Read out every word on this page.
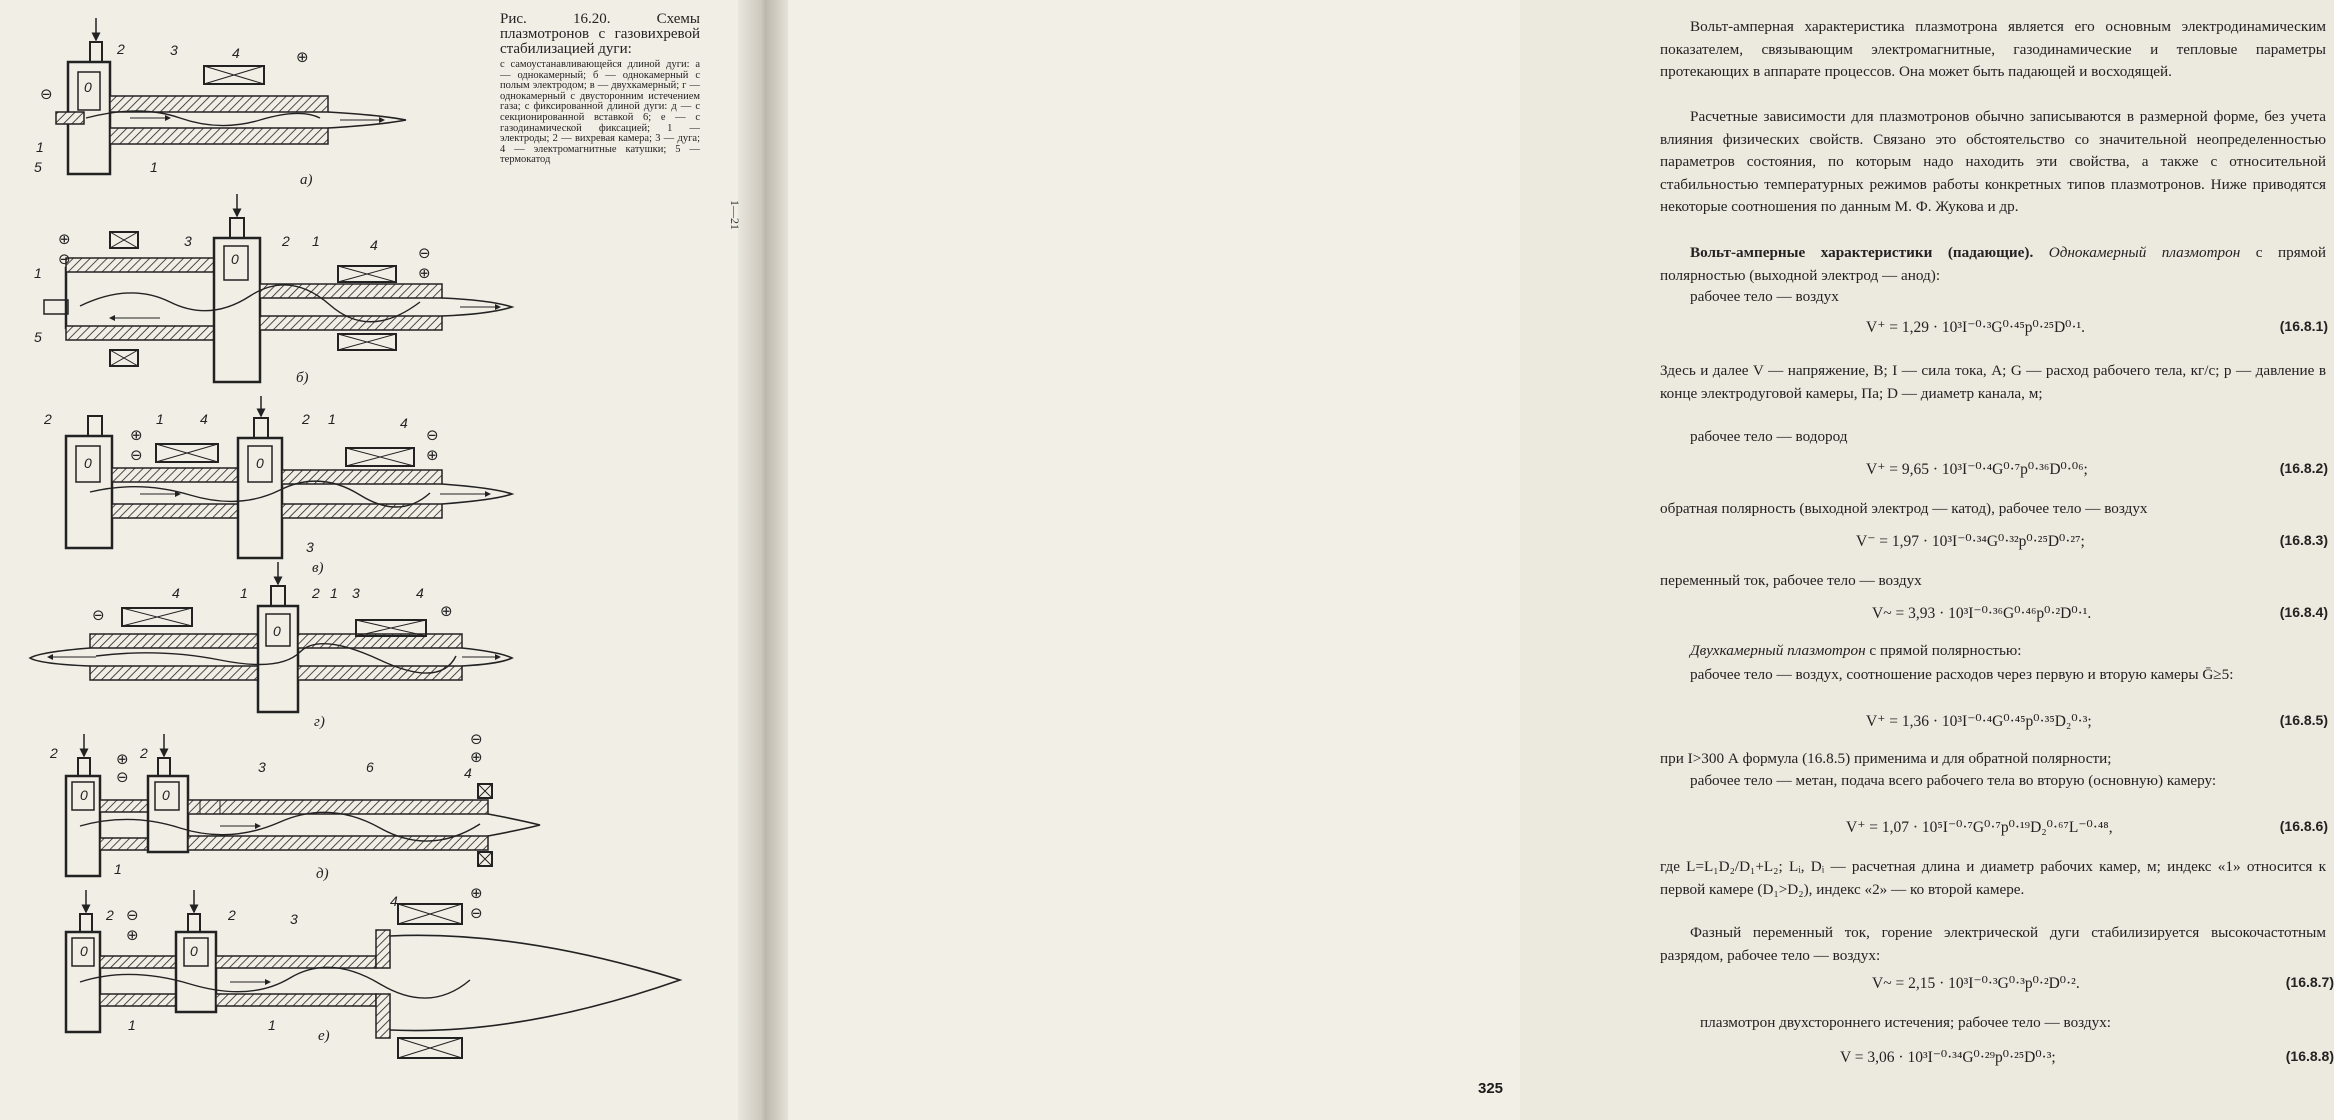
⊖
⊕
0
2	3	4
1
5	1
а)
⊕
⊖	⊖
⊕
0
1
5
3	2 1	4
б)
⊕
⊖
⊖
⊕
0	0
2	1	4	2 1	4
3
в)
⊖	⊕
0
4	1	2 1 3	4
г)
⊕
⊖
⊖
⊕
0	0
2	2
3	6	4
1	д)
⊖
⊕
⊕
⊖
0	0
2	2	3
4
1	1
е)
Рис. 16.20. Схемы плазмотронов с газовихревой стабилизацией дуги:
с самоустанавливающейся длиной дуги: а — однокамерный; б — однокамерный с полым электродом; в — двухкамерный; г — однокамерный с двусторонним истечением газа; с фиксированной длиной дуги: д — с секционированной вставкой 6; е — с газодинамической фиксацией; 1 — электроды; 2 — вихревая камера; 3 — дуга; 4 — электромагнитные катушки; 5 — термокатод
Вольт-амперная характеристика плазмотрона является его основным электродинамическим показателем, связывающим электромагнитные, газодинамические и тепловые параметры протекающих в аппарате процессов. Она может быть падающей и восходящей.
Расчетные зависимости для плазмотронов обычно записываются в размерной форме, без учета влияния физических свойств. Связано это обстоятельство со значительной неопределенностью параметров состояния, по которым надо находить эти свойства, а также с относительной стабильностью температурных режимов работы конкретных типов плазмотронов. Ниже приводятся некоторые соотношения по данным М. Ф. Жукова и др.
Вольт-амперные характеристики (падающие). Однокамерный плазмотрон с прямой полярностью (выходной электрод — анод):
рабочее тело — воздух
V⁺ = 1,29 · 10³I⁻⁰·³G⁰·⁴⁵p⁰·²⁵D⁰·¹.	(16.8.1)
Здесь и далее V — напряжение, В; I — сила тока, А; G — расход рабочего тела, кг/с; p — давление в конце электродуговой камеры, Па; D — диаметр канала, м;
рабочее тело — водород
V⁺ = 9,65 · 10³I⁻⁰·⁴G⁰·⁷p⁰·³⁶D⁰·⁰⁶;	(16.8.2)
обратная полярность (выходной электрод — катод), рабочее тело — воздух
V⁻ = 1,97 · 10³I⁻⁰·³⁴G⁰·³²p⁰·²⁵D⁰·²⁷;	(16.8.3)
переменный ток, рабочее тело — воздух
V~ = 3,93 · 10³I⁻⁰·³⁶G⁰·⁴⁶p⁰·²D⁰·¹.	(16.8.4)
Двухкамерный плазмотрон с прямой полярностью:
рабочее тело — воздух, соотношение расходов через первую и вторую камеры Ḡ≥5:
V⁺ = 1,36 · 10³I⁻⁰·⁴G⁰·⁴⁵p⁰·³⁵D₂⁰·³;	(16.8.5)
при I>300 А формула (16.8.5) применима и для обратной полярности;
рабочее тело — метан, подача всего рабочего тела во вторую (основную) камеру:
V⁺ = 1,07 · 10⁵I⁻⁰·⁷G⁰·⁷p⁰·¹⁹D₂⁰·⁶⁷L⁻⁰·⁴⁸,	(16.8.6)
где L=L₁D₂/D₁+L₂; Lᵢ, Dᵢ — расчетная длина и диаметр рабочих камер, м; индекс «1» относится к первой камере (D₁>D₂), индекс «2» — ко второй камере.
Фазный переменный ток, горение электрической дуги стабилизируется высокочастотным разрядом, рабочее тело — воздух:
V~ = 2,15 · 10³I⁻⁰·³G⁰·³p⁰·²D⁰·².	(16.8.7)
плазмотрон двухстороннего истечения; рабочее тело — воздух:
V = 3,06 · 10³I⁻⁰·³⁴G⁰·²⁹p⁰·²⁵D⁰·³;	(16.8.8)
325
1—21
